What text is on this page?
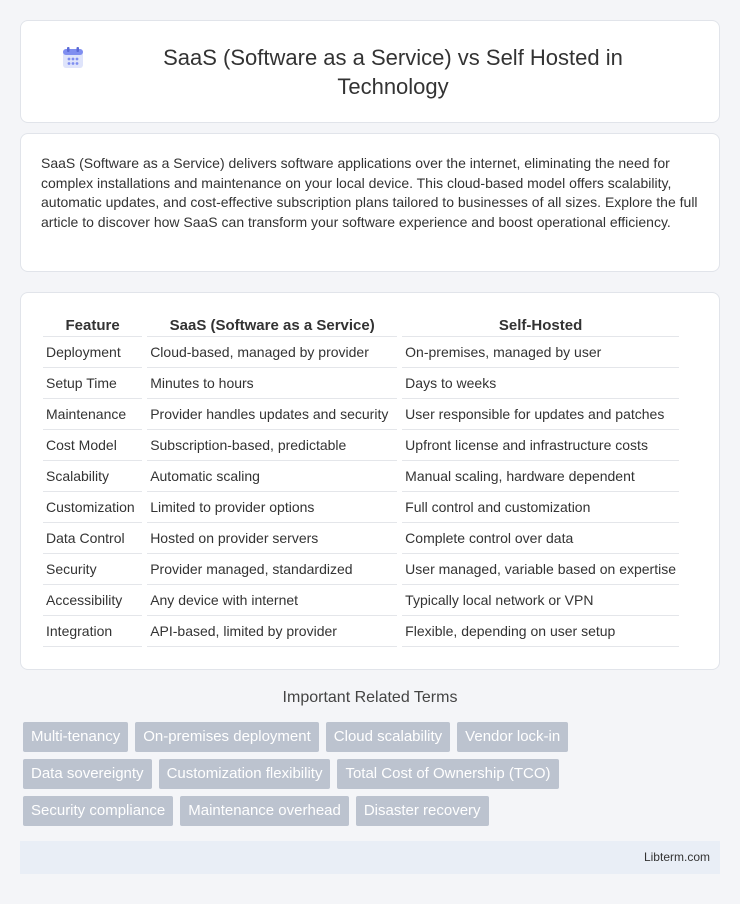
SaaS (Software as a Service) vs Self Hosted in Technology

SaaS (Software as a Service) delivers software applications over the internet, eliminating the need for complex installations and maintenance on your local device. This cloud-based model offers scalability, automatic updates, and cost-effective subscription plans tailored to businesses of all sizes. Explore the full article to discover how SaaS can transform your software experience and boost operational efficiency.

Feature	SaaS (Software as a Service)	Self-Hosted
Deployment	Cloud-based, managed by provider	On-premises, managed by user
Setup Time	Minutes to hours	Days to weeks
Maintenance	Provider handles updates and security	User responsible for updates and patches
Cost Model	Subscription-based, predictable	Upfront license and infrastructure costs
Scalability	Automatic scaling	Manual scaling, hardware dependent
Customization	Limited to provider options	Full control and customization
Data Control	Hosted on provider servers	Complete control over data
Security	Provider managed, standardized	User managed, variable based on expertise
Accessibility	Any device with internet	Typically local network or VPN
Integration	API-based, limited by provider	Flexible, depending on user setup
Important Related Terms
Multi-tenancy	On-premises deployment	Cloud scalability	Vendor lock-in
Data sovereignty	Customization flexibility	Total Cost of Ownership (TCO)
Security compliance	Maintenance overhead	Disaster recovery
Libterm.com
